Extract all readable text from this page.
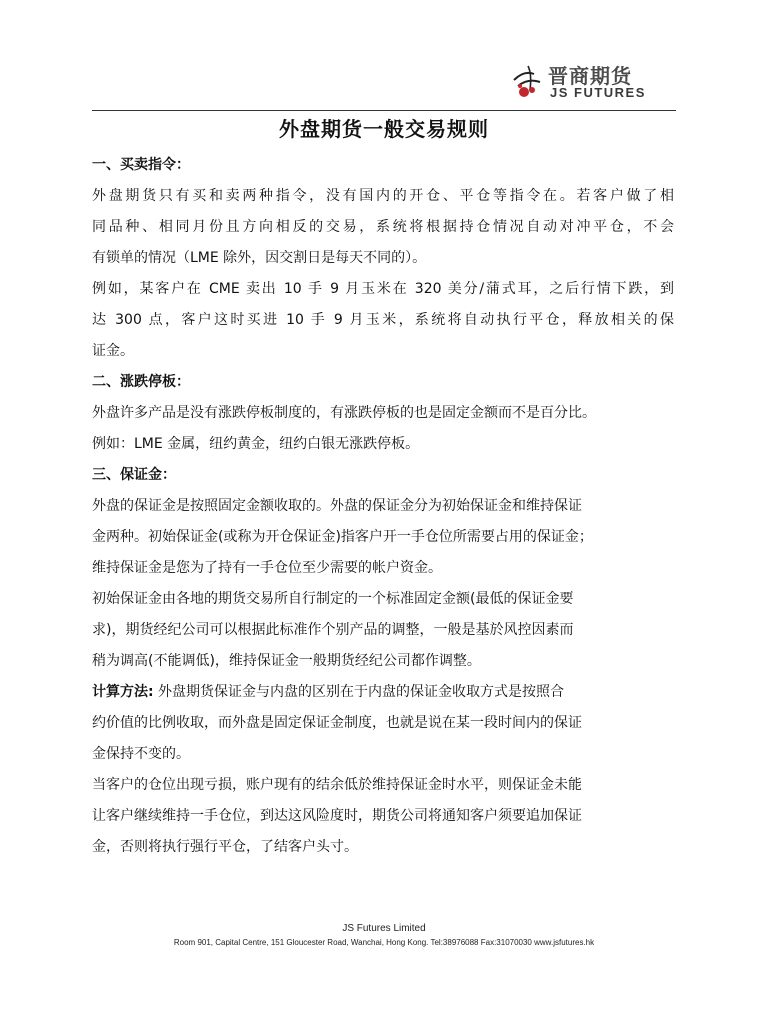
晋商期货
JS FUTURES
外盘期货一般交易规则

一、买卖指令：

外盘期货只有买和卖两种指令，没有国内的开仓、平仓等指令在。若客户做了相

同品种、相同月份且方向相反的交易，系统将根据持仓情况自动对冲平仓，不会

有锁单的情况（LME 除外，因交割日是每天不同的）。

例如，某客户在 CME 卖出 10 手 9 月玉米在 320 美分/蒲式耳，之后行情下跌，到

达 300 点，客户这时买进 10 手 9 月玉米，系统将自动执行平仓，释放相关的保

证金。

二、涨跌停板：

外盘许多产品是没有涨跌停板制度的，有涨跌停板的也是固定金额而不是百分比。

例如：LME 金属，纽约黄金，纽约白银无涨跌停板。

三、保证金：

外盘的保证金是按照固定金额收取的。外盘的保证金分为初始保证金和维持保证

金两种。初始保证金(或称为开仓保证金)指客户开一手仓位所需要占用的保证金；

维持保证金是您为了持有一手仓位至少需要的帐户资金。

初始保证金由各地的期货交易所自行制定的一个标准固定金额(最低的保证金要

求)，期货经纪公司可以根据此标准作个别产品的调整，一般是基於风控因素而

稍为调高(不能调低)，维持保证金一般期货经纪公司都作调整。

计算方法: 外盘期货保证金与内盘的区别在于内盘的保证金收取方式是按照合

约价值的比例收取，而外盘是固定保证金制度，也就是说在某一段时间内的保证

金保持不变的。

当客户的仓位出现亏损，账户现有的结余低於维持保证金时水平，则保证金未能

让客户继续维持一手仓位，到达这风险度时，期货公司将通知客户须要追加保证

金，否则将执行强行平仓，了结客户头寸。

JS Futures Limited
Room 901, Capital Centre, 151 Gloucester Road, Wanchai, Hong Kong. Tel:38976088 Fax:31070030 www.jsfutures.hk
